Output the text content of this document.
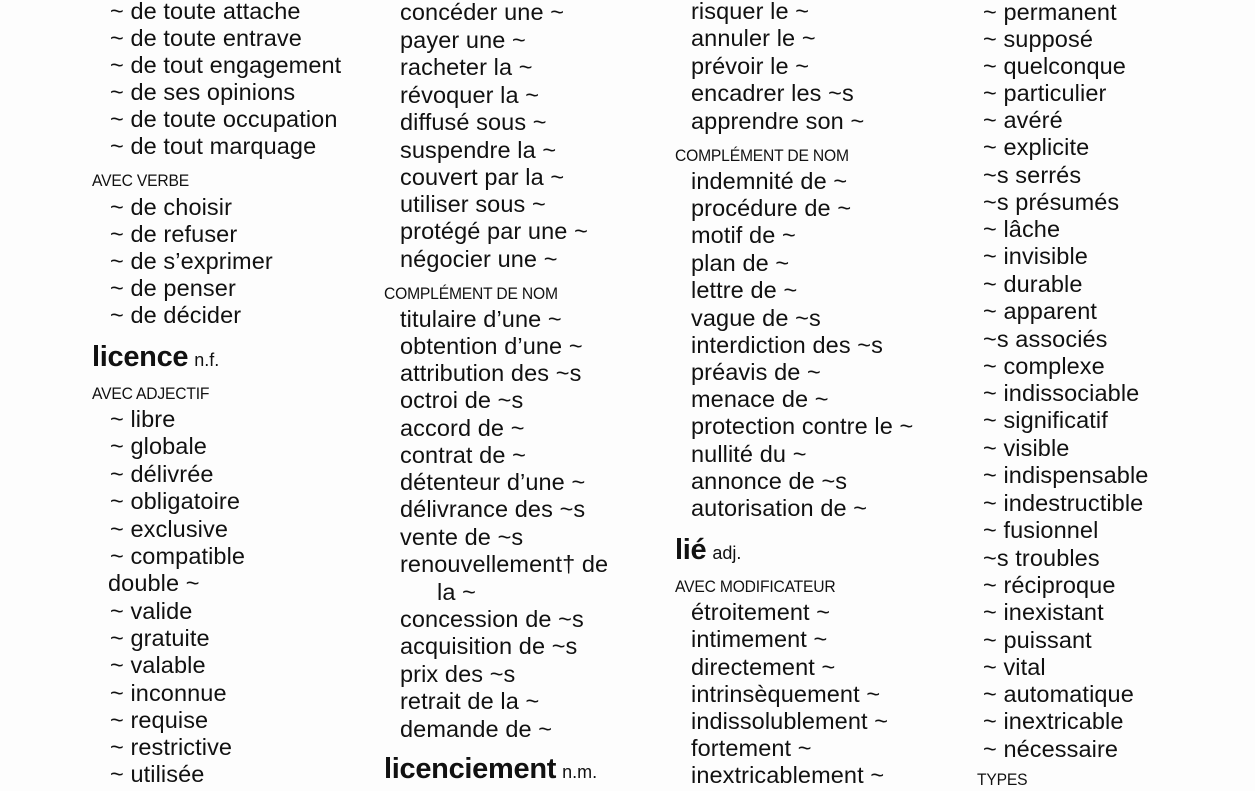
~ de toute attache
~ de toute entrave
~ de tout engagement
~ de ses opinions
~ de toute occupation
~ de tout marquage
AVEC VERBE
~ de choisir
~ de refuser
~ de s’exprimer
~ de penser
~ de décider
licence n.f.
AVEC ADJECTIF
~ libre
~ globale
~ délivrée
~ obligatoire
~ exclusive
~ compatible
double ~
~ valide
~ gratuite
~ valable
~ inconnue
~ requise
~ restrictive
~ utilisée
concéder une ~
payer une ~
racheter la ~
révoquer la ~
diffusé sous ~
suspendre la ~
couvert par la ~
utiliser sous ~
protégé par une ~
négocier une ~
COMPLÉMENT DE NOM
titulaire d’une ~
obtention d’une ~
attribution des ~s
octroi de ~s
accord de ~
contrat de ~
détenteur d’une ~
délivrance des ~s
vente de ~s
renouvellement† de
la ~
concession de ~s
acquisition de ~s
prix des ~s
retrait de la ~
demande de ~
licenciement n.m.
risquer le ~
annuler le ~
prévoir le ~
encadrer les ~s
apprendre son ~
COMPLÉMENT DE NOM
indemnité de ~
procédure de ~
motif de ~
plan de ~
lettre de ~
vague de ~s
interdiction des ~s
préavis de ~
menace de ~
protection contre le ~
nullité du ~
annonce de ~s
autorisation de ~
lié adj.
AVEC MODIFICATEUR
étroitement ~
intimement ~
directement ~
intrinsèquement ~
indissolublement ~
fortement ~
inextricablement ~
~ permanent
~ supposé
~ quelconque
~ particulier
~ avéré
~ explicite
~s serrés
~s présumés
~ lâche
~ invisible
~ durable
~ apparent
~s associés
~ complexe
~ indissociable
~ significatif
~ visible
~ indispensable
~ indestructible
~ fusionnel
~s troubles
~ réciproque
~ inexistant
~ puissant
~ vital
~ automatique
~ inextricable
~ nécessaire
TYPES
